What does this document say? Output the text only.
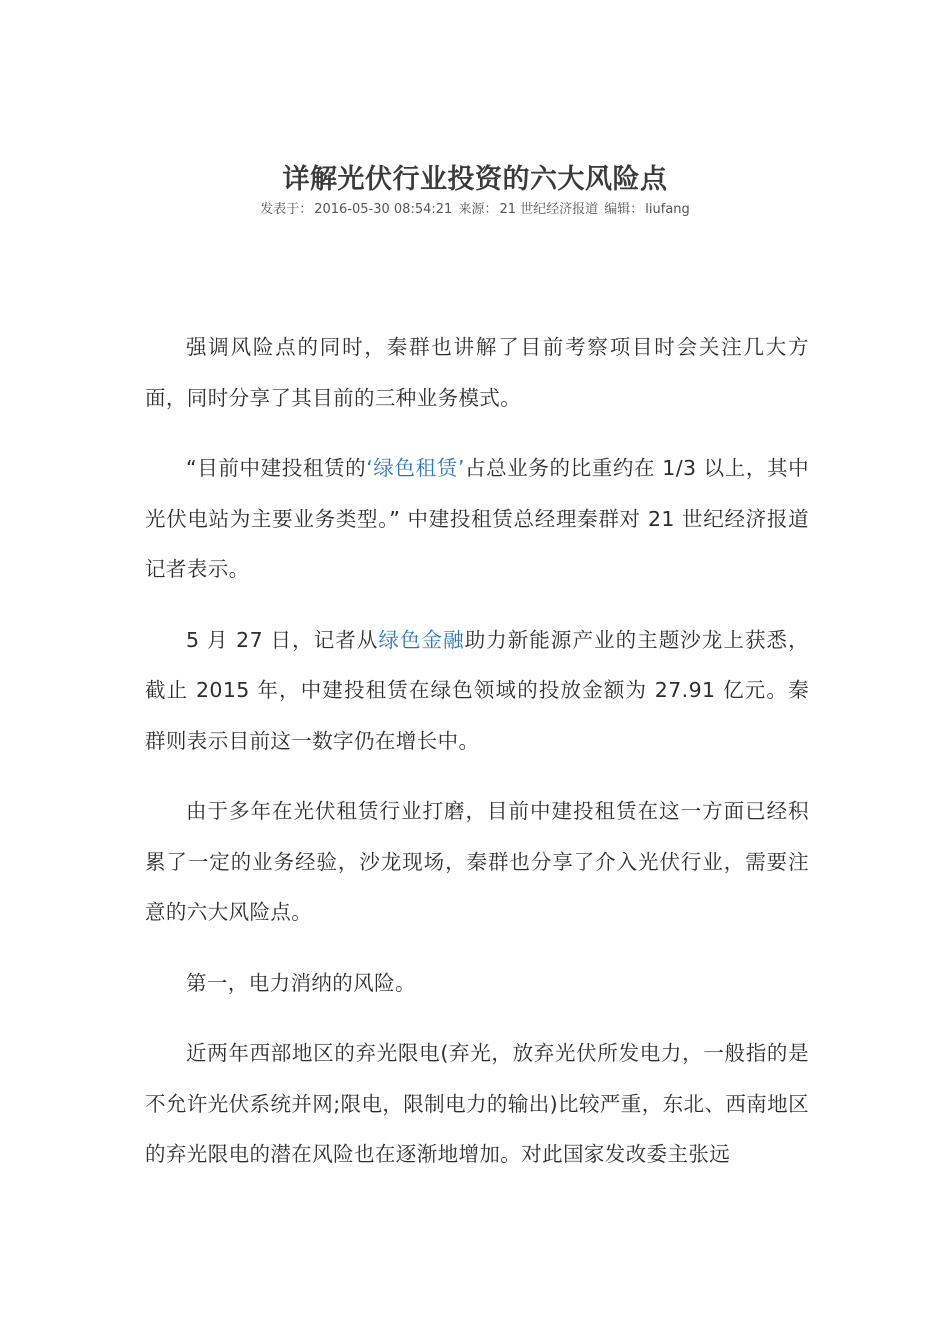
详解光伏行业投资的六大风险点
发表于： 2016-05-30 08:54:21 来源： 21 世纪经济报道 编辑： liufang

强调风险点的同时，秦群也讲解了目前考察项目时会关注几大方面，同时分享了其目前的三种业务模式。

“目前中建投租赁的‘绿色租赁’占总业务的比重约在 1/3 以上，其中光伏电站为主要业务类型。” 中建投租赁总经理秦群对 21 世纪经济报道记者表示。

5 月 27 日，记者从绿色金融助力新能源产业的主题沙龙上获悉，截止 2015 年，中建投租赁在绿色领域的投放金额为 27.91 亿元。秦群则表示目前这一数字仍在增长中。

由于多年在光伏租赁行业打磨，目前中建投租赁在这一方面已经积累了一定的业务经验，沙龙现场，秦群也分享了介入光伏行业，需要注意的六大风险点。

第一，电力消纳的风险。

近两年西部地区的弃光限电(弃光，放弃光伏所发电力，一般指的是不允许光伏系统并网;限电，限制电力的输出)比较严重，东北、西南地区的弃光限电的潜在风险也在逐渐地增加。对此国家发改委主张远
